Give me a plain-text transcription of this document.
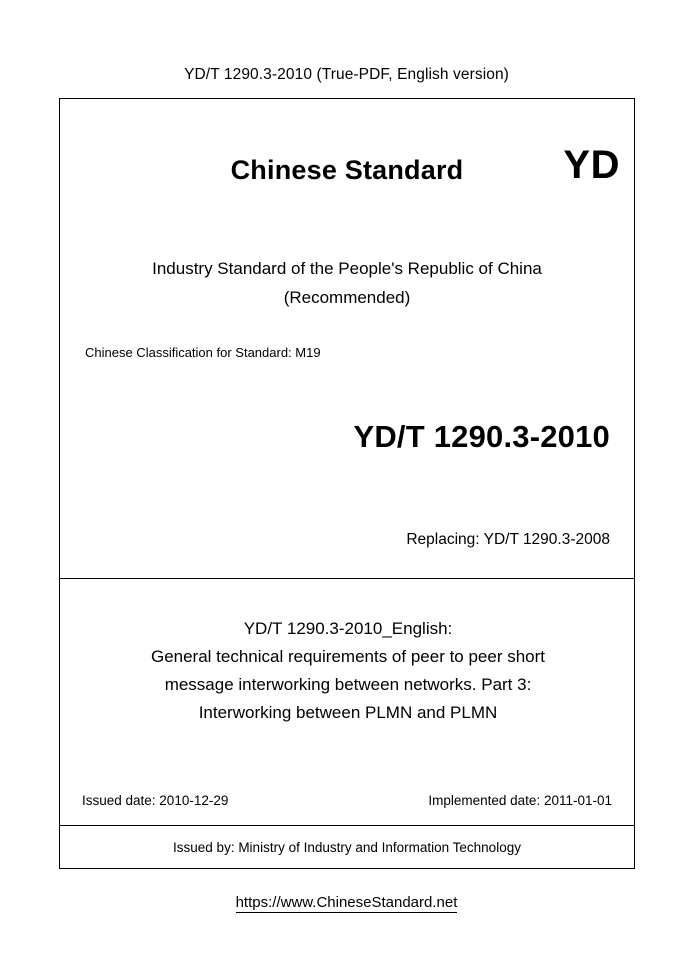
YD/T 1290.3-2010 (True-PDF, English version)
Chinese Standard	YD
Industry Standard of the People's Republic of China
(Recommended)
Chinese Classification for Standard: M19
YD/T 1290.3-2010
Replacing: YD/T 1290.3-2008
YD/T 1290.3-2010_English:
General technical requirements of peer to peer short
message interworking between networks. Part 3:
Interworking between PLMN and PLMN
Issued date: 2010-12-29	Implemented date: 2011-01-01
Issued by: Ministry of Industry and Information Technology
https://www.ChineseStandard.net
